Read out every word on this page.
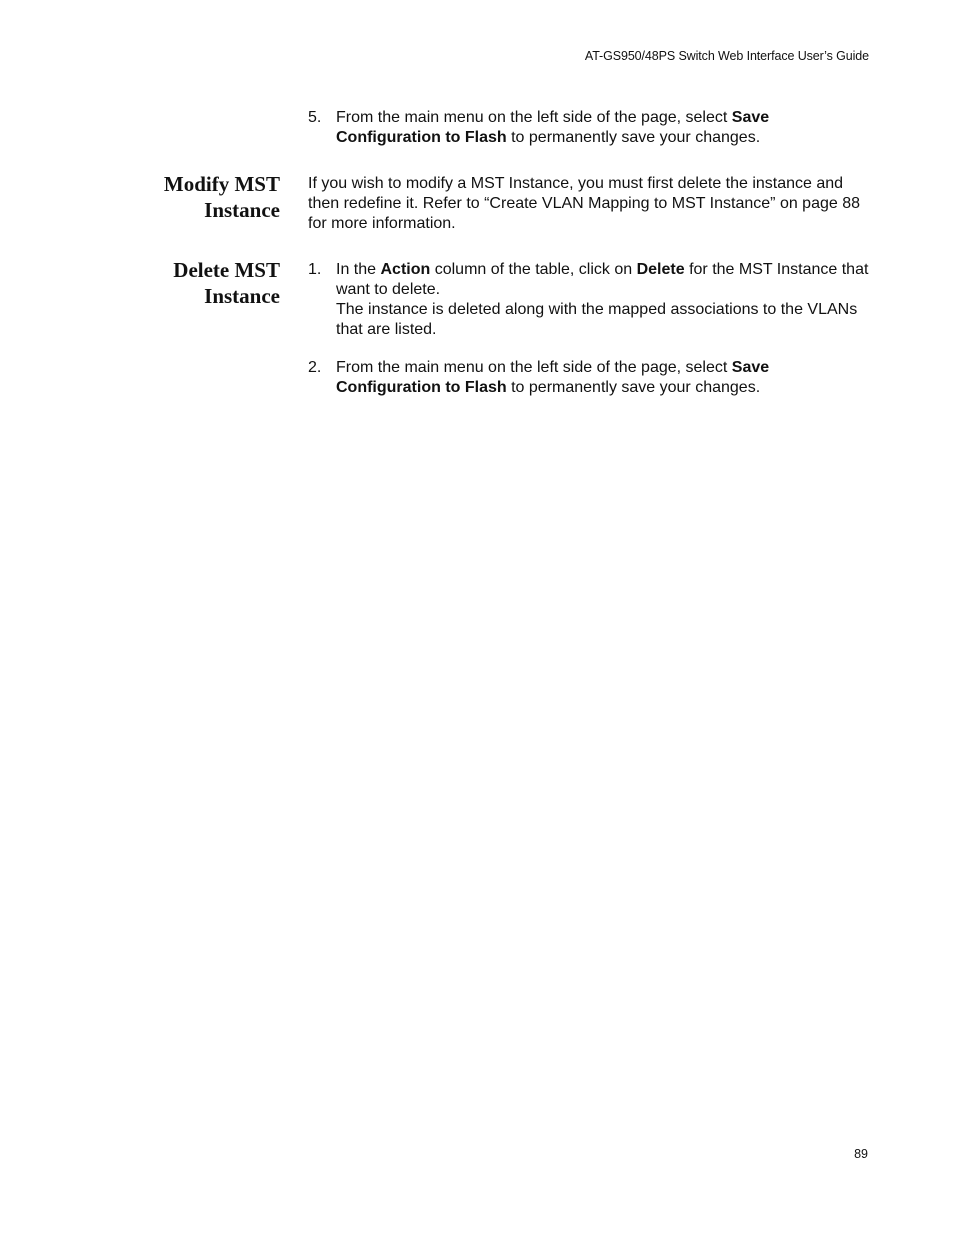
AT-GS950/48PS Switch Web Interface User’s Guide
5. From the main menu on the left side of the page, select Save Configuration to Flash to permanently save your changes.
Modify MST Instance
If you wish to modify a MST Instance, you must first delete the instance and then redefine it. Refer to “Create VLAN Mapping to MST Instance” on page 88 for more information.
Delete MST Instance
1. In the Action column of the table, click on Delete for the MST Instance that want to delete.
The instance is deleted along with the mapped associations to the VLANs that are listed.
2. From the main menu on the left side of the page, select Save Configuration to Flash to permanently save your changes.
89
